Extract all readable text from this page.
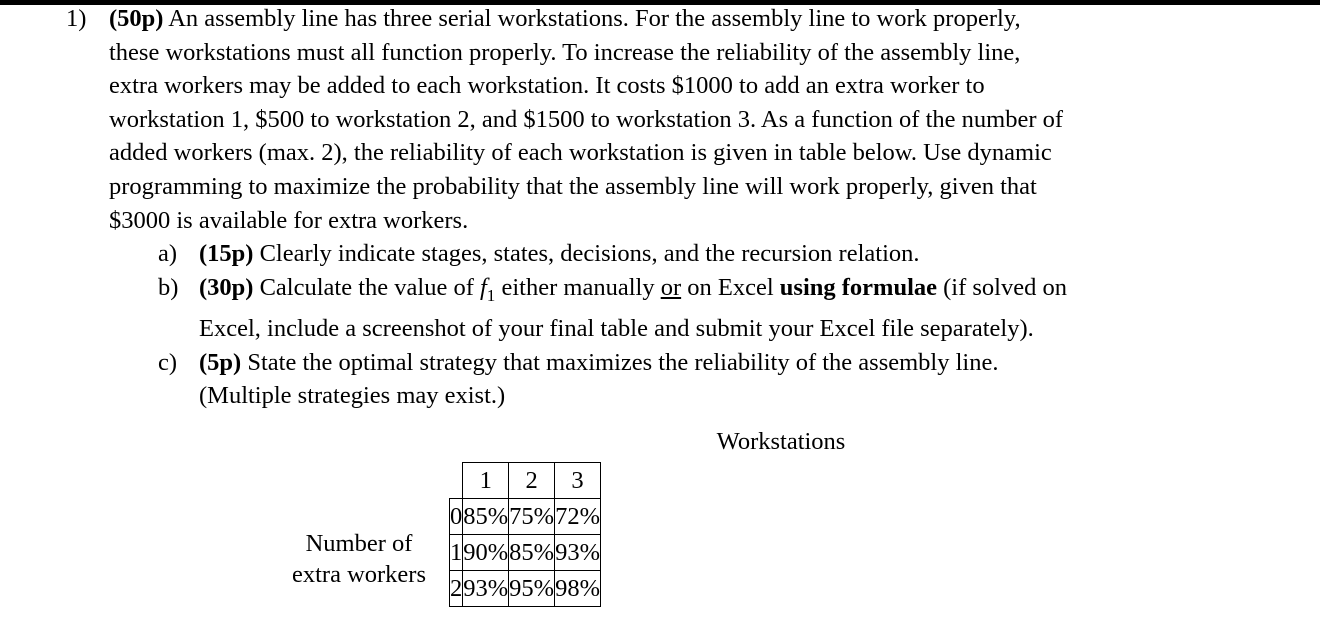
1) (50p) An assembly line has three serial workstations. For the assembly line to work properly,
these workstations must all function properly. To increase the reliability of the assembly line,
extra workers may be added to each workstation. It costs $1000 to add an extra worker to
workstation 1, $500 to workstation 2, and $1500 to workstation 3. As a function of the number of
added workers (max. 2), the reliability of each workstation is given in table below. Use dynamic
programming to maximize the probability that the assembly line will work properly, given that
$3000 is available for extra workers.
a) (15p) Clearly indicate stages, states, decisions, and the recursion relation.
b) (30p) Calculate the value of $f_1$ either manually or on Excel using formulae (if solved on
Excel, include a screenshot of your final table and submit your Excel file separately).
c) (5p) State the optimal strategy that maximizes the reliability of the assembly line.
(Multiple strategies may exist.)
Workstations
Number of
extra workers
	1	2	3
0	85%	75%	72%
1	90%	85%	93%
2	93%	95%	98%
